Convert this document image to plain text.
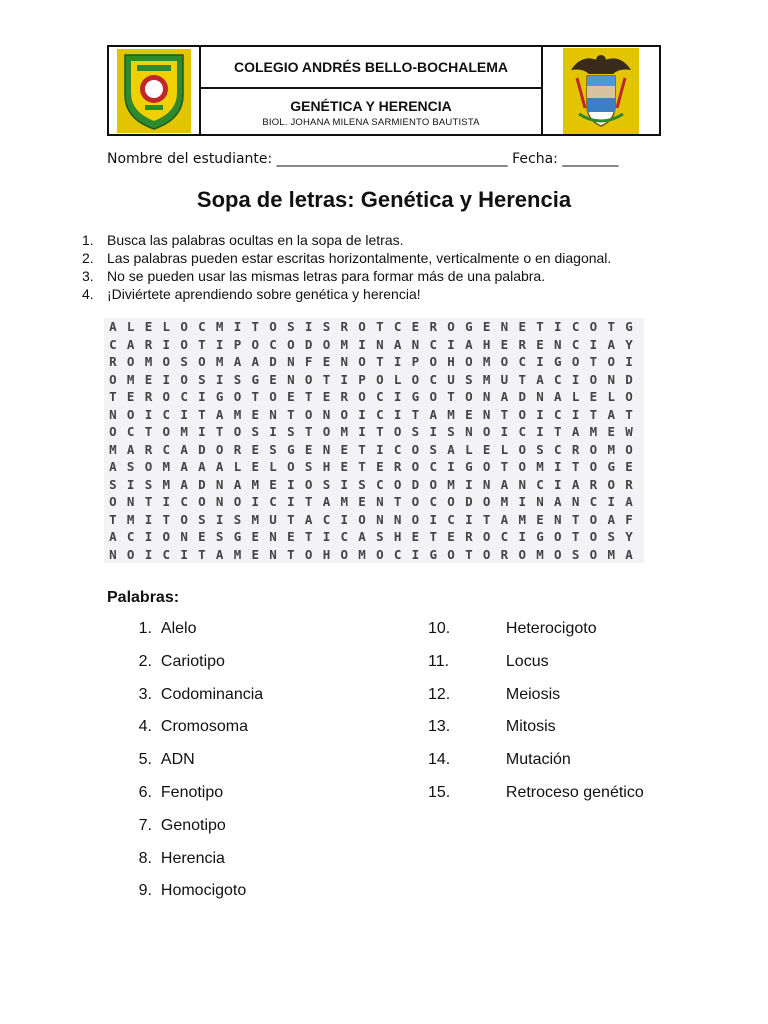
COLEGIO ANDRÉS BELLO-BOCHALEMA
GENÉTICA Y HERENCIA
BIOL. JOHANA MILENA SARMIENTO BAUTISTA
Nombre del estudiante: _________________________________ Fecha: ________
Sopa de letras: Genética y Herencia
1. Busca las palabras ocultas en la sopa de letras.
2. Las palabras pueden estar escritas horizontalmente, verticalmente o en diagonal.
3. No se pueden usar las mismas letras para formar más de una palabra.
4. ¡Diviértete aprendiendo sobre genética y herencia!
A L E L O C M I T O S I S R O T C E R O G E N E T I C O T G
C A R I O T I P O C O D O M I N A N C I A H E R E N C I A Y
R O M O S O M A A D N F E N O T I P O H O M O C I G O T O I
O M E I O S I S G E N O T I P O L O C U S M U T A C I O N D
T E R O C I G O T O E T E R O C I G O T O N A D N A L E L O
N O I C I T A M E N T O N O I C I T A M E N T O I C I T A T
O C T O M I T O S I S T O M I T O S I S N O I C I T A M E W
M A R C A D O R E S G E N E T I C O S A L E L O S C R O M O
A S O M A A A L E L O S H E T E R O C I G O T O M I T O G E
S I S M A D N A M E I O S I S C O D O M I N A N C I A R O R
O N T I C O N O I C I T A M E N T O C O D O M I N A N C I A
T M I T O S I S M U T A C I O N N O I C I T A M E N T O A F
A C I O N E S G E N E T I C A S H E T E R O C I G O T O S Y
N O I C I T A M E N T O H O M O C I G O T O R O M O S O M A
Palabras:
1.
Alelo
2.
Cariotipo
3.
Codominancia
4.
Cromosoma
5.
ADN
6.
Fenotipo
7.
Genotipo
8.
Herencia
9.
Homocigoto
10.
	Heterocigoto
11.
	Locus
12.
	Meiosis
13.
	Mitosis
14.
	Mutación
15.
	Retroceso genético
